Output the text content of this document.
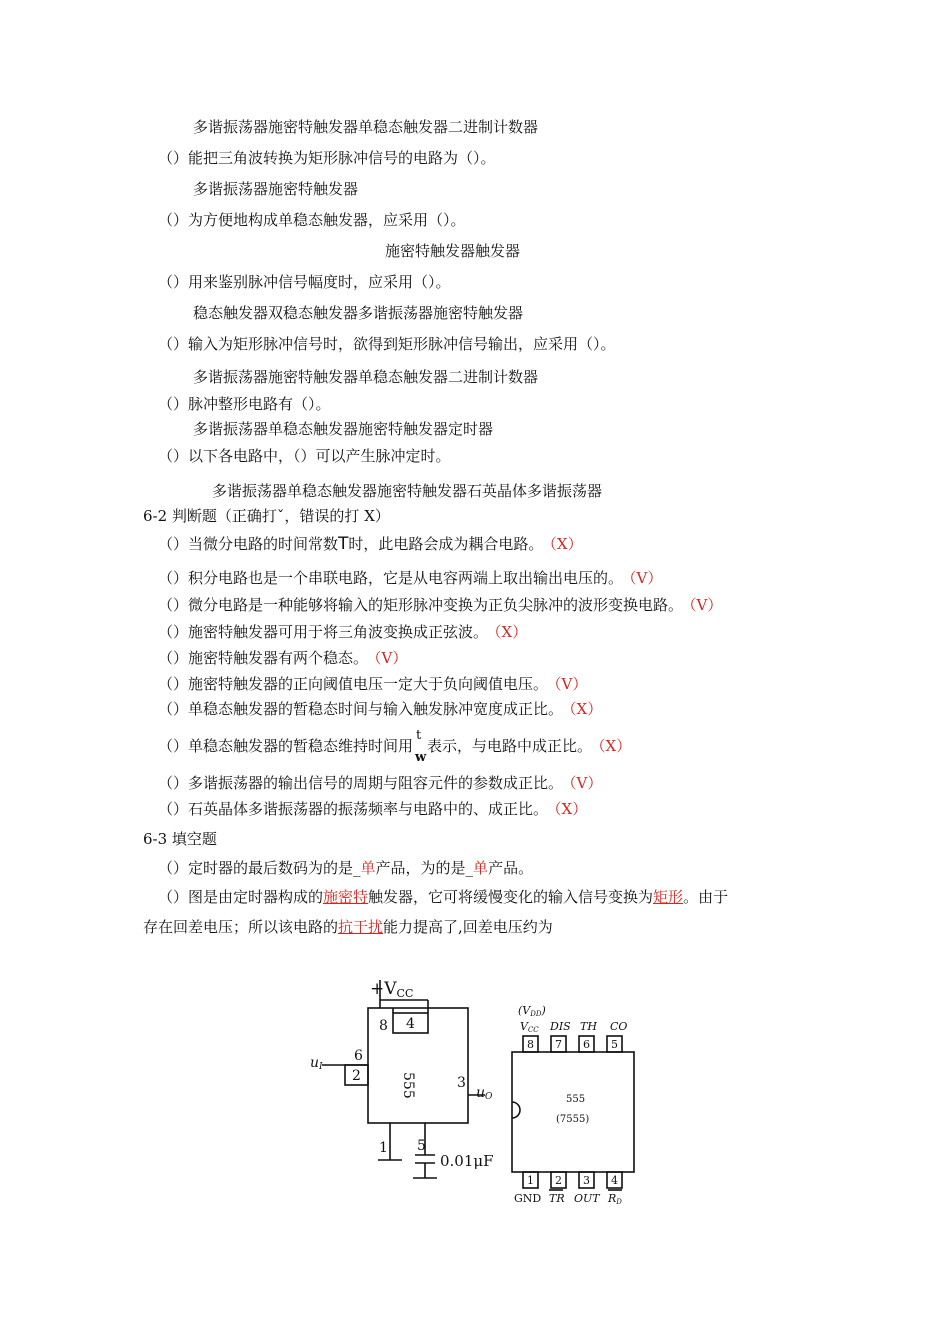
多谐振荡器施密特触发器单稳态触发器二进制计数器
（）能把三角波转换为矩形脉冲信号的电路为（）。
多谐振荡器施密特触发器
（）为方便地构成单稳态触发器，应采用（）。
施密特触发器触发器
（）用来鉴别脉冲信号幅度时，应采用（）。
稳态触发器双稳态触发器多谐振荡器施密特触发器
（）输入为矩形脉冲信号时，欲得到矩形脉冲信号输出，应采用（）。
多谐振荡器施密特触发器单稳态触发器二进制计数器
（）脉冲整形电路有（）。
多谐振荡器单稳态触发器施密特触发器定时器
（）以下各电路中，（）可以产生脉冲定时。
多谐振荡器单稳态触发器施密特触发器石英晶体多谐振荡器
6-2 判断题（正确打ˇ，错误的打 X）
（）当微分电路的时间常数T时，此电路会成为耦合电路。 （X）
（）积分电路也是一个串联电路，它是从电容两端上取出输出电压的。 （V）
（）微分电路是一种能够将输入的矩形脉冲变换为正负尖脉冲的波形变换电路。 （V）
（）施密特触发器可用于将三角波变换成正弦波。 （X）
（）施密特触发器有两个稳态。 （V）
（）施密特触发器的正向阈值电压一定大于负向阈值电压。 （V）
（）单稳态触发器的暂稳态时间与输入触发脉冲宽度成正比。 （X）
（）单稳态触发器的暂稳态维持时间用
t
w
表示，与电路中成正比。 （X）
（）多谐振荡器的输出信号的周期与阻容元件的参数成正比。 （V）
（）石英晶体多谐振荡器的振荡频率与电路中的、成正比。 （X）
6-3 填空题
（）定时器的最后数码为的是_单产品，为的是_单产品。
（）图是由定时器构成的施密特触发器，它可将缓慢变化的输入信号变换为矩形。由于
存在回差电压；所以该电路的抗干扰能力提高了,回差电压约为
+VCC
8 4
6
2	3
1 5
555
uI
uO
0.01μF
(VDD)
VCC DIS TH CO
8 7 6 5
1 2 3 4
GND TR OUT RD
555
(7555)
